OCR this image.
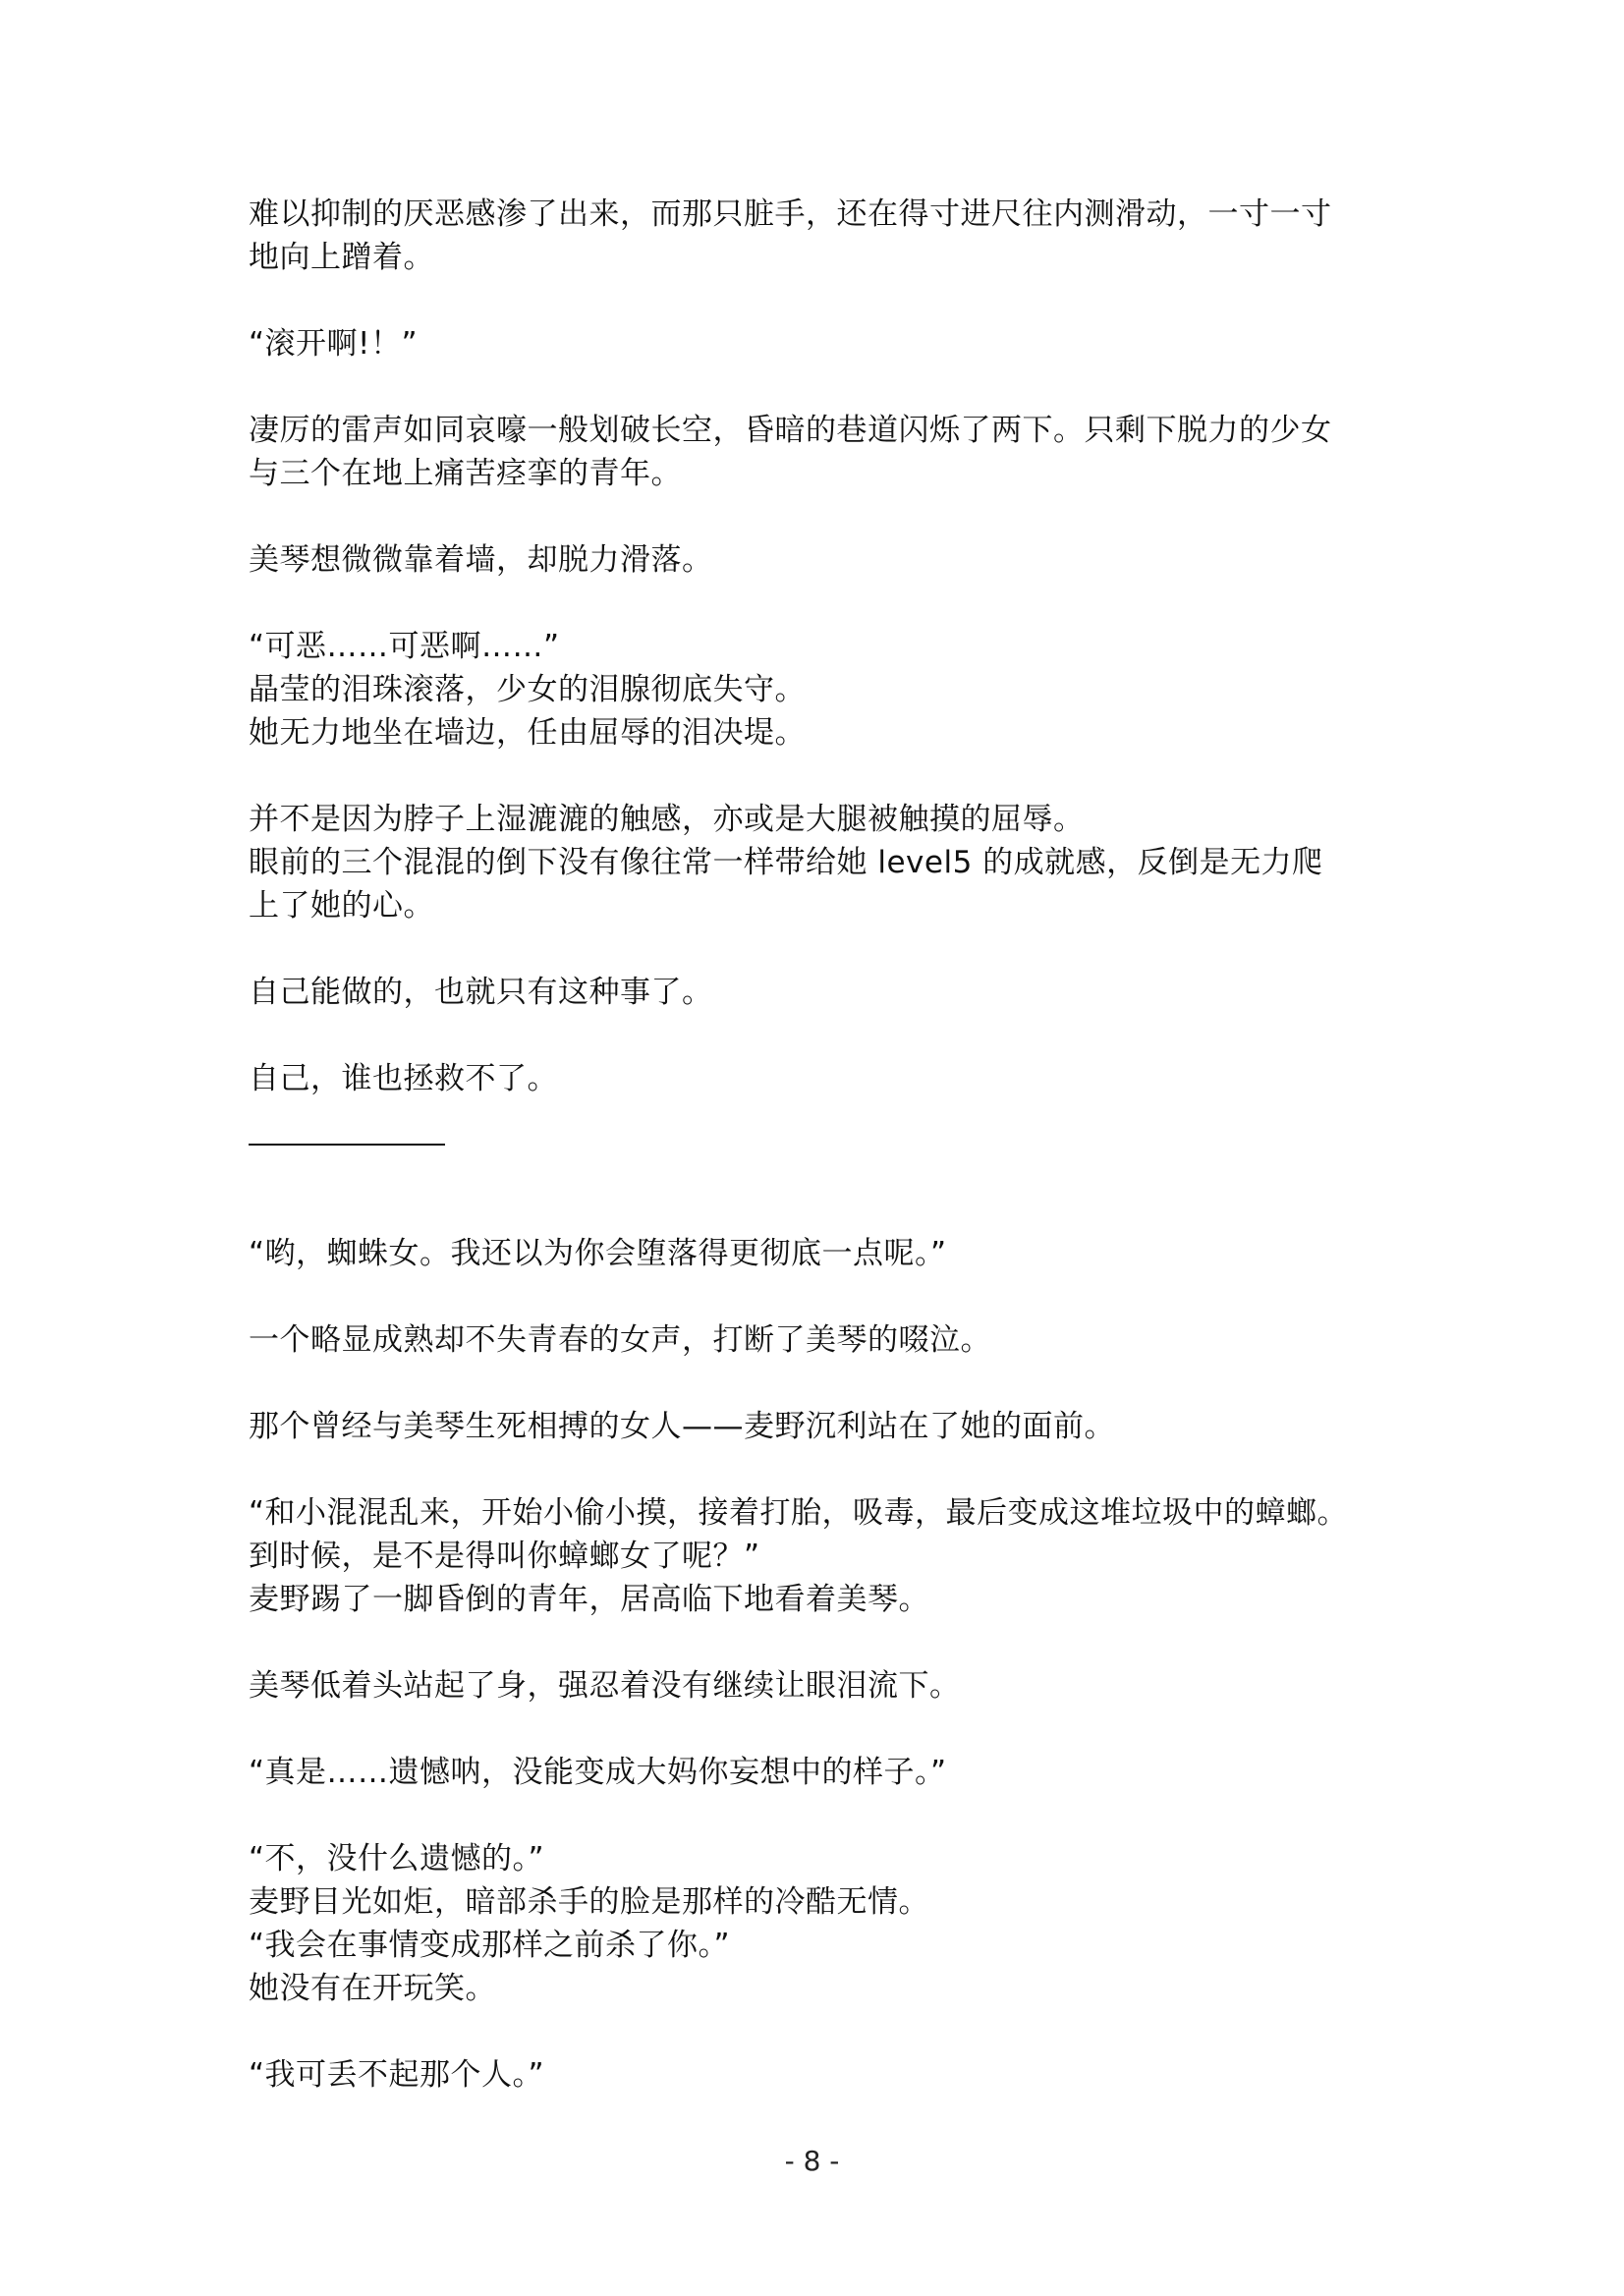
难以抑制的厌恶感渗了出来，而那只脏手，还在得寸进尺往内测滑动，一寸一寸
地向上蹭着。
“滚开啊!！”
凄厉的雷声如同哀嚎一般划破长空，昏暗的巷道闪烁了两下。只剩下脱力的少女
与三个在地上痛苦痉挛的青年。
美琴想微微靠着墙，却脱力滑落。
“可恶……可恶啊……”
晶莹的泪珠滚落，少女的泪腺彻底失守。
她无力地坐在墙边，任由屈辱的泪决堤。
并不是因为脖子上湿漉漉的触感，亦或是大腿被触摸的屈辱。
眼前的三个混混的倒下没有像往常一样带给她 level5 的成就感，反倒是无力爬
上了她的心。
自己能做的，也就只有这种事了。
自己，谁也拯救不了。
“哟，蜘蛛女。我还以为你会堕落得更彻底一点呢。”
一个略显成熟却不失青春的女声，打断了美琴的啜泣。
那个曾经与美琴生死相搏的女人——麦野沉利站在了她的面前。
“和小混混乱来，开始小偷小摸，接着打胎，吸毒，最后变成这堆垃圾中的蟑螂。
到时候，是不是得叫你蟑螂女了呢？”
麦野踢了一脚昏倒的青年，居高临下地看着美琴。
美琴低着头站起了身，强忍着没有继续让眼泪流下。
“真是……遗憾呐，没能变成大妈你妄想中的样子。”
“不，没什么遗憾的。”
麦野目光如炬，暗部杀手的脸是那样的冷酷无情。
“我会在事情变成那样之前杀了你。”
她没有在开玩笑。
“我可丢不起那个人。”
- 8 -
